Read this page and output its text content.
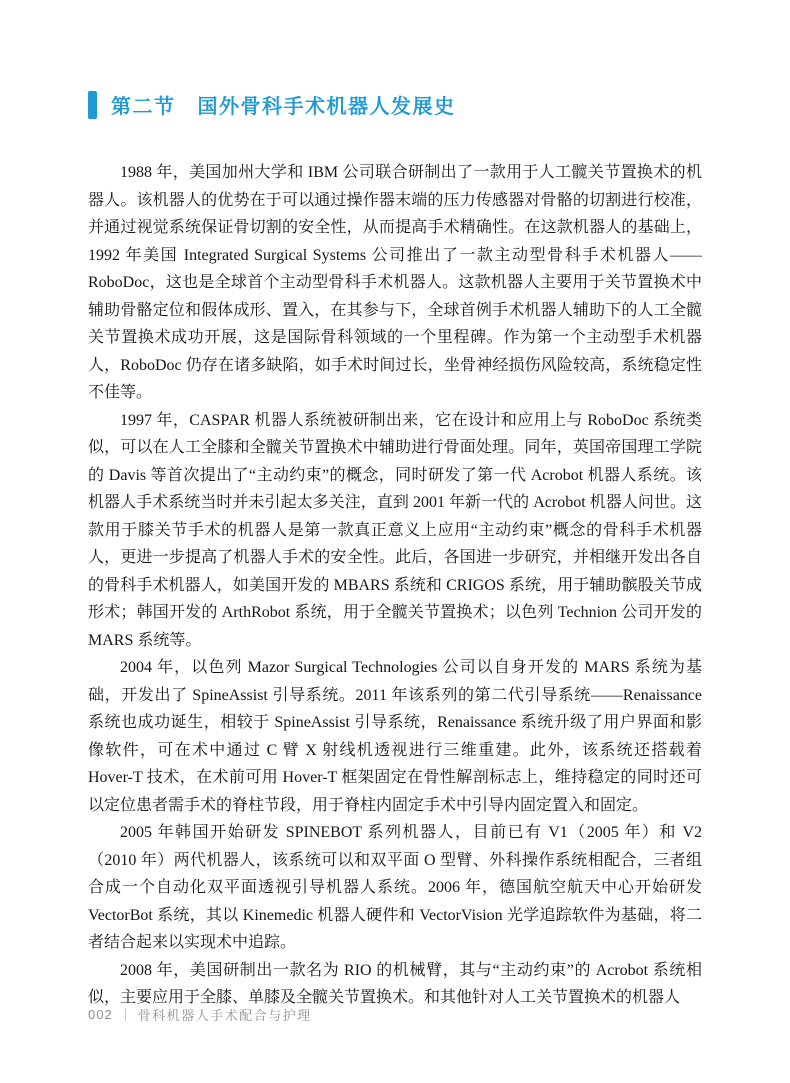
第二节 国外骨科手术机器人发展史

1988 年，美国加州大学和 IBM 公司联合研制出了一款用于人工髋关节置换术的机器人。该机器人的优势在于可以通过操作器末端的压力传感器对骨骼的切割进行校准，并通过视觉系统保证骨切割的安全性，从而提高手术精确性。在这款机器人的基础上，1992 年美国 Integrated Surgical Systems 公司推出了一款主动型骨科手术机器人——RoboDoc，这也是全球首个主动型骨科手术机器人。这款机器人主要用于关节置换术中辅助骨骼定位和假体成形、置入，在其参与下，全球首例手术机器人辅助下的人工全髋关节置换术成功开展，这是国际骨科领域的一个里程碑。作为第一个主动型手术机器人，RoboDoc 仍存在诸多缺陷，如手术时间过长，坐骨神经损伤风险较高，系统稳定性不佳等。

1997 年，CASPAR 机器人系统被研制出来，它在设计和应用上与 RoboDoc 系统类似，可以在人工全膝和全髋关节置换术中辅助进行骨面处理。同年，英国帝国理工学院的 Davis 等首次提出了“主动约束”的概念，同时研发了第一代 Acrobot 机器人系统。该机器人手术系统当时并未引起太多关注，直到 2001 年新一代的 Acrobot 机器人问世。这款用于膝关节手术的机器人是第一款真正意义上应用“主动约束”概念的骨科手术机器人，更进一步提高了机器人手术的安全性。此后，各国进一步研究，并相继开发出各自的骨科手术机器人，如美国开发的 MBARS 系统和 CRIGOS 系统，用于辅助髌股关节成形术；韩国开发的 ArthRobot 系统，用于全髋关节置换术；以色列 Technion 公司开发的 MARS 系统等。

2004 年，以色列 Mazor Surgical Technologies 公司以自身开发的 MARS 系统为基础，开发出了 SpineAssist 引导系统。2011 年该系列的第二代引导系统——Renaissance 系统也成功诞生，相较于 SpineAssist 引导系统，Renaissance 系统升级了用户界面和影像软件，可在术中通过 C 臂 X 射线机透视进行三维重建。此外，该系统还搭载着 Hover-T 技术，在术前可用 Hover-T 框架固定在骨性解剖标志上，维持稳定的同时还可以定位患者需手术的脊柱节段，用于脊柱内固定手术中引导内固定置入和固定。

2005 年韩国开始研发 SPINEBOT 系列机器人，目前已有 V1（2005 年）和 V2（2010 年）两代机器人，该系统可以和双平面 O 型臂、外科操作系统相配合，三者组合成一个自动化双平面透视引导机器人系统。2006 年，德国航空航天中心开始研发 VectorBot 系统，其以 Kinemedic 机器人硬件和 VectorVision 光学追踪软件为基础，将二者结合起来以实现术中追踪。

2008 年，美国研制出一款名为 RIO 的机械臂，其与“主动约束”的 Acrobot 系统相似，主要应用于全膝、单膝及全髋关节置换术。和其他针对人工关节置换术的机器人

002 骨科机器人手术配合与护理
